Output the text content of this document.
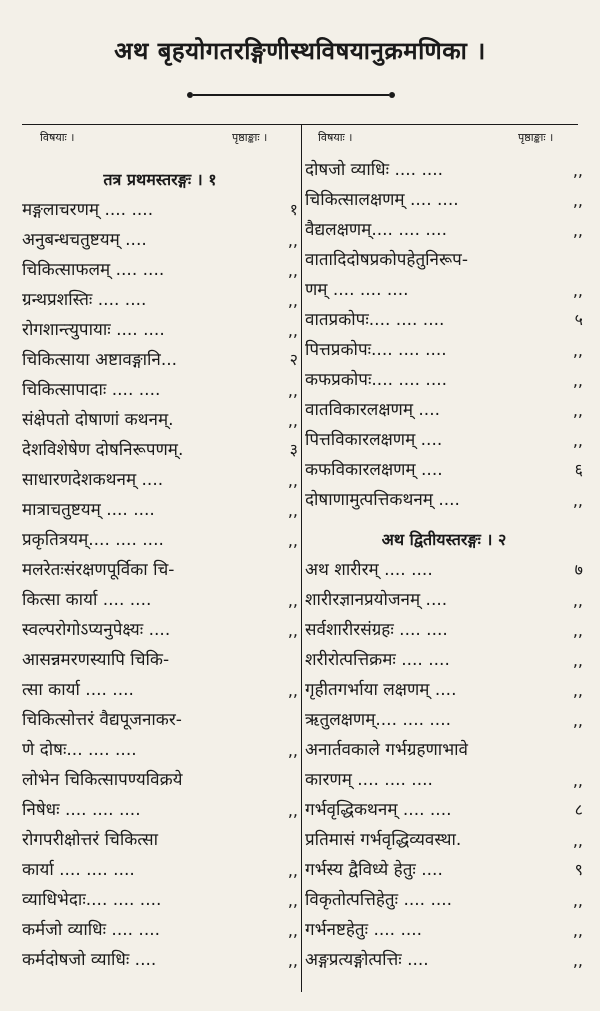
अथ बृहयोगतरङ्गिणीस्थविषयानुक्रमणिका ।
विषयाः ।	पृष्ठाङ्काः ।	विषयाः ।	पृष्ठाङ्काः ।
तत्र प्रथमस्तरङ्गः । १
मङ्गलाचरणम् .... ....	१
अनुबन्धचतुष्टयम् ....	,,
चिकित्साफलम् .... ....	,,
ग्रन्थप्रशस्तिः .... ....	,,
रोगशान्त्युपायाः .... ....	,,
चिकित्साया अष्टावङ्गानि...	२
चिकित्सापादाः .... ....	,,
संक्षेपतो दोषाणां कथनम्.	,,
देशविशेषेण दोषनिरूपणम्.	३
साधारणदेशकथनम् ....	,,
मात्राचतुष्टयम् .... ....	,,
प्रकृतित्रयम्.... .... ....	,,
मलरेतःसंरक्षणपूर्विका चि-
कित्सा कार्या .... ....	,,
स्वल्परोगोऽप्यनुपेक्ष्यः ....	,,
आसन्नमरणस्यापि चिकि-
त्सा कार्या .... ....	,,
चिकित्सोत्तरं वैद्यपूजनाकर-
णे दोषः... .... ....	,,
लोभेन चिकित्सापण्यविक्रये
निषेधः .... .... ....	,,
रोगपरीक्षोत्तरं चिकित्सा
कार्या .... .... ....	,,
व्याधिभेदाः.... .... ....	,,
कर्मजो व्याधिः .... ....	,,
कर्मदोषजो व्याधिः ....	,,
दोषजो व्याधिः .... ....	,,
चिकित्सालक्षणम् .... ....	,,
वैद्यलक्षणम्.... .... ....	,,
वातादिदोषप्रकोपहेतुनिरूप-
णम् .... .... ....	,,
वातप्रकोपः.... .... ....	५
पित्तप्रकोपः.... .... ....	,,
कफप्रकोपः.... .... ....	,,
वातविकारलक्षणम् ....	,,
पित्तविकारलक्षणम् ....	,,
कफविकारलक्षणम् ....	६
दोषाणामुत्पत्तिकथनम् ....	,,
अथ द्वितीयस्तरङ्गः । २
अथ शारीरम् .... ....	७
शारीरज्ञानप्रयोजनम् ....	,,
सर्वशारीरसंग्रहः .... ....	,,
शरीरोत्पत्तिक्रमः .... ....	,,
गृहीतगर्भाया लक्षणम् ....	,,
ऋतुलक्षणम्.... .... ....	,,
अनार्तवकाले गर्भग्रहणाभावे
कारणम् .... .... ....	,,
गर्भवृद्धिकथनम् .... ....	८
प्रतिमासं गर्भवृद्धिव्यवस्था.	,,
गर्भस्य द्वैविध्ये हेतुः ....	९
विकृतोत्पत्तिहेतुः .... ....	,,
गर्भनष्टहेतुः .... ....	,,
अङ्गप्रत्यङ्गोत्पत्तिः ....	,,
